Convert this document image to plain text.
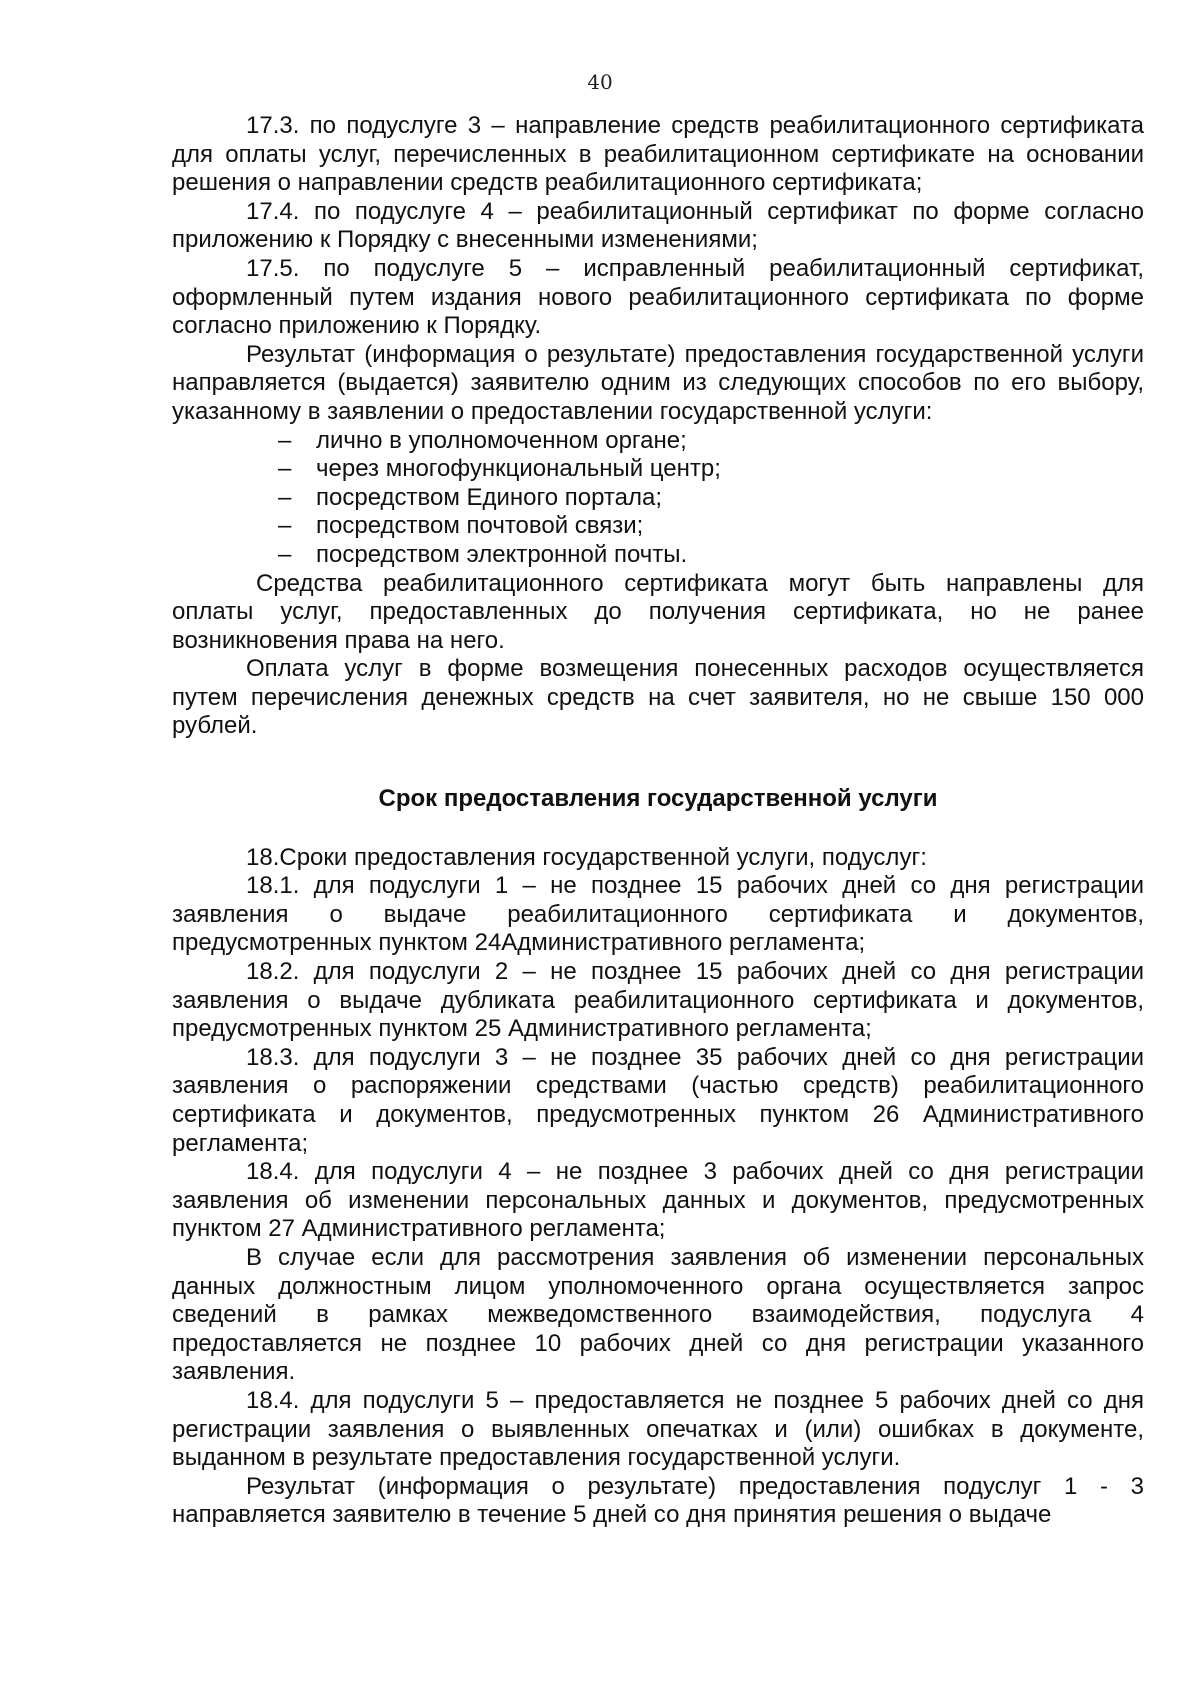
40

17.3. по подуслуге 3 – направление средств реабилитационного сертификата для оплаты услуг, перечисленных в реабилитационном сертификате на основании решения о направлении средств реабилитационного сертификата;

17.4. по подуслуге 4 – реабилитационный сертификат по форме согласно приложению к Порядку с внесенными изменениями;

17.5. по подуслуге 5 – исправленный реабилитационный сертификат, оформленный путем издания нового реабилитационного сертификата по форме согласно приложению к Порядку.

Результат (информация о результате) предоставления государственной услуги направляется (выдается) заявителю одним из следующих способов по его выбору, указанному в заявлении о предоставлении государственной услуги:

– лично в уполномоченном органе;
– через многофункциональный центр;
– посредством Единого портала;
– посредством почтовой связи;
– посредством электронной почты.

Средства реабилитационного сертификата могут быть направлены для оплаты услуг, предоставленных до получения сертификата, но не ранее возникновения права на него.

Оплата услуг в форме возмещения понесенных расходов осуществляется путем перечисления денежных средств на счет заявителя, но не свыше 150 000 рублей.

Срок предоставления государственной услуги

18.Сроки предоставления государственной услуги, подуслуг:

18.1. для подуслуги 1 – не позднее 15 рабочих дней со дня регистрации заявления о выдаче реабилитационного сертификата и документов, предусмотренных пунктом 24Административного регламента;

18.2. для подуслуги 2 – не позднее 15 рабочих дней со дня регистрации заявления о выдаче дубликата реабилитационного сертификата и документов, предусмотренных пунктом 25 Административного регламента;

18.3. для подуслуги 3 – не позднее 35 рабочих дней со дня регистрации заявления о распоряжении средствами (частью средств) реабилитационного сертификата и документов, предусмотренных пунктом 26 Административного регламента;

18.4. для подуслуги 4 – не позднее 3 рабочих дней со дня регистрации заявления об изменении персональных данных и документов, предусмотренных пунктом 27 Административного регламента;

В случае если для рассмотрения заявления об изменении персональных данных должностным лицом уполномоченного органа осуществляется запрос сведений в рамках межведомственного взаимодействия, подуслуга 4 предоставляется не позднее 10 рабочих дней со дня регистрации указанного заявления.

18.4. для подуслуги 5 – предоставляется не позднее 5 рабочих дней со дня регистрации заявления о выявленных опечатках и (или) ошибках в документе, выданном в результате предоставления государственной услуги.

Результат (информация о результате) предоставления подуслуг 1 - 3 направляется заявителю в течение 5 дней со дня принятия решения о выдаче
